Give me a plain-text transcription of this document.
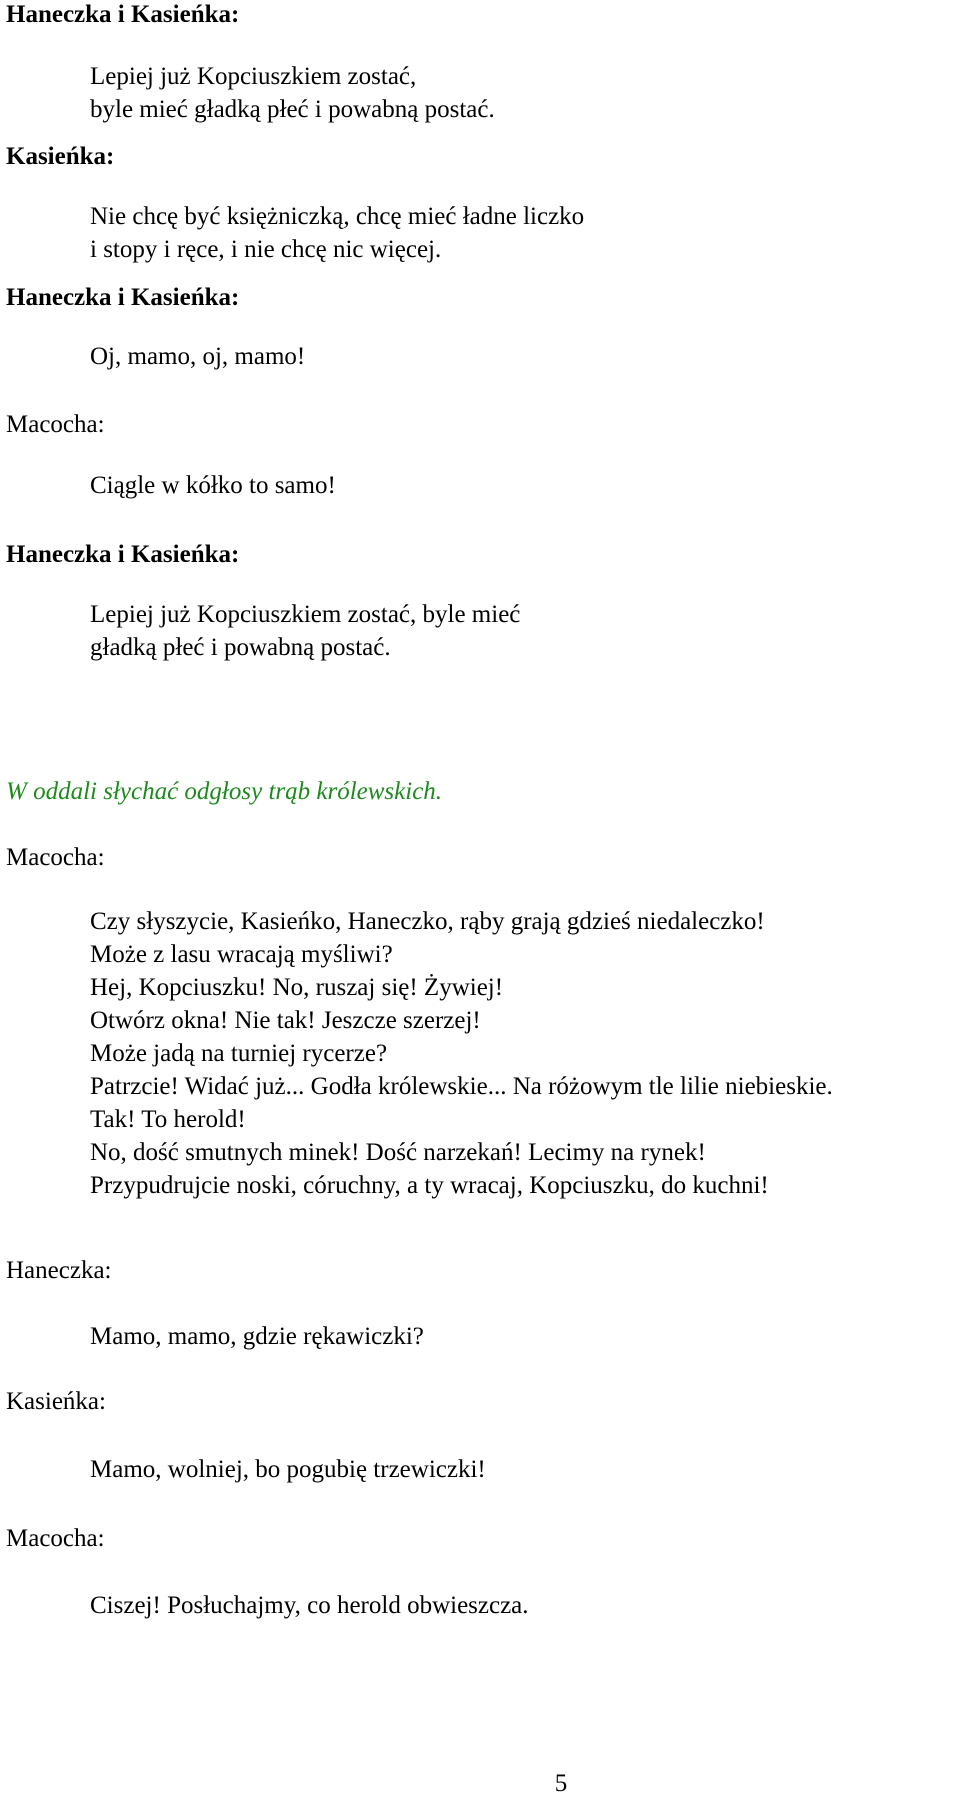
Haneczka i Kasieńka:

Lepiej już Kopciuszkiem zostać,
byle mieć gładką płeć i powabną postać.

Kasieńka:

Nie chcę być księżniczką, chcę mieć ładne liczko
i stopy i ręce, i nie chcę nic więcej.

Haneczka i Kasieńka:

Oj, mamo, oj, mamo!

Macocha:

Ciągle w kółko to samo!

Haneczka i Kasieńka:

Lepiej już Kopciuszkiem zostać, byle mieć
gładką płeć i powabną postać.

W oddali słychać odgłosy trąb królewskich.

Macocha:

Czy słyszycie, Kasieńko, Haneczko, rąby grają gdzieś niedaleczko!
Może z lasu wracają myśliwi?
Hej, Kopciuszku! No, ruszaj się! Żywiej!
Otwórz okna! Nie tak! Jeszcze szerzej!
Może jadą na turniej rycerze?
Patrzcie! Widać już... Godła królewskie... Na różowym tle lilie niebieskie.
Tak! To herold!
No, dość smutnych minek! Dość narzekań! Lecimy na rynek!
Przypudrujcie noski, córuchny, a ty wracaj, Kopciuszku, do kuchni!

Haneczka:

Mamo, mamo, gdzie rękawiczki?

Kasieńka:

Mamo, wolniej, bo pogubię trzewiczki!

Macocha:

Ciszej! Posłuchajmy, co herold obwieszcza.
5
